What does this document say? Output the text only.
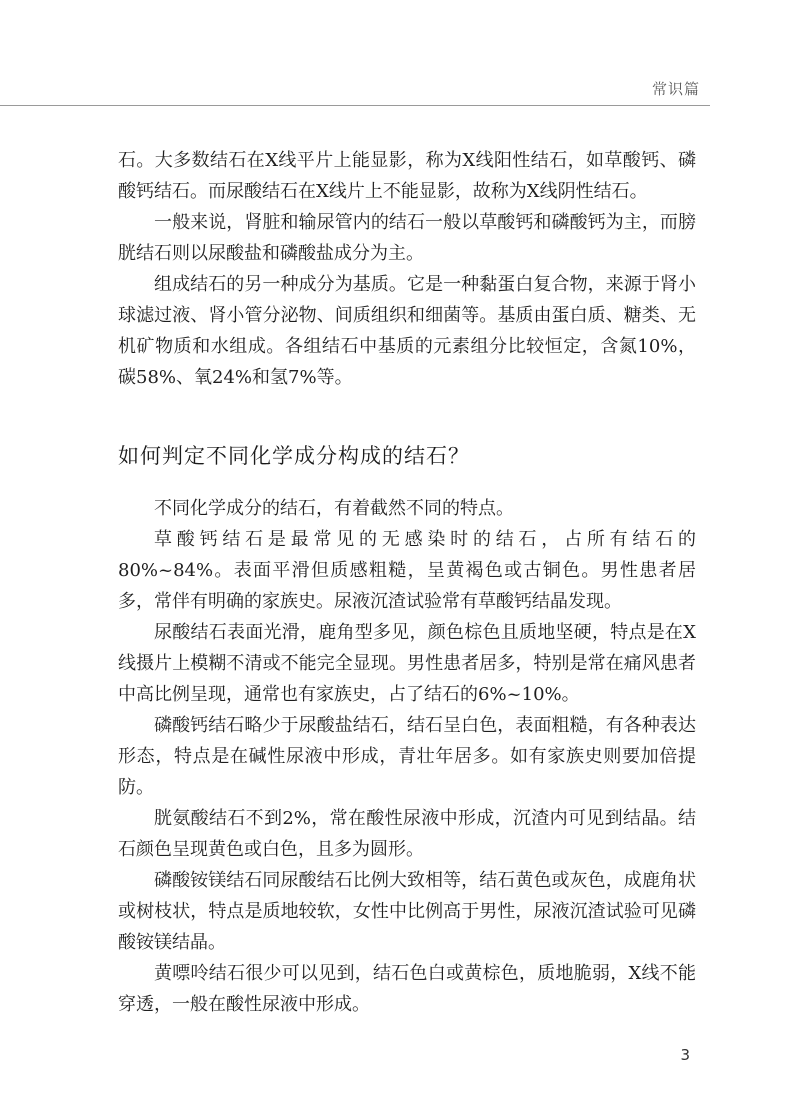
常识篇

石。大多数结石在X线平片上能显影，称为X线阳性结石，如草酸钙、磷酸钙结石。而尿酸结石在X线片上不能显影，故称为X线阴性结石。

一般来说，肾脏和输尿管内的结石一般以草酸钙和磷酸钙为主，而膀胱结石则以尿酸盐和磷酸盐成分为主。

组成结石的另一种成分为基质。它是一种黏蛋白复合物，来源于肾小球滤过液、肾小管分泌物、间质组织和细菌等。基质由蛋白质、糖类、无机矿物质和水组成。各组结石中基质的元素组分比较恒定，含氮10%，碳58%、氧24%和氢7%等。

如何判定不同化学成分构成的结石？

不同化学成分的结石，有着截然不同的特点。

草酸钙结石是最常见的无感染时的结石，占所有结石的80%~84%。表面平滑但质感粗糙，呈黄褐色或古铜色。男性患者居多，常伴有明确的家族史。尿液沉渣试验常有草酸钙结晶发现。

尿酸结石表面光滑，鹿角型多见，颜色棕色且质地坚硬，特点是在X线摄片上模糊不清或不能完全显现。男性患者居多，特别是常在痛风患者中高比例呈现，通常也有家族史，占了结石的6%~10%。

磷酸钙结石略少于尿酸盐结石，结石呈白色，表面粗糙，有各种表达形态，特点是在碱性尿液中形成，青壮年居多。如有家族史则要加倍提防。

胱氨酸结石不到2%，常在酸性尿液中形成，沉渣内可见到结晶。结石颜色呈现黄色或白色，且多为圆形。

磷酸铵镁结石同尿酸结石比例大致相等，结石黄色或灰色，成鹿角状或树枝状，特点是质地较软，女性中比例高于男性，尿液沉渣试验可见磷酸铵镁结晶。

黄嘌呤结石很少可以见到，结石色白或黄棕色，质地脆弱，X线不能穿透，一般在酸性尿液中形成。

3
